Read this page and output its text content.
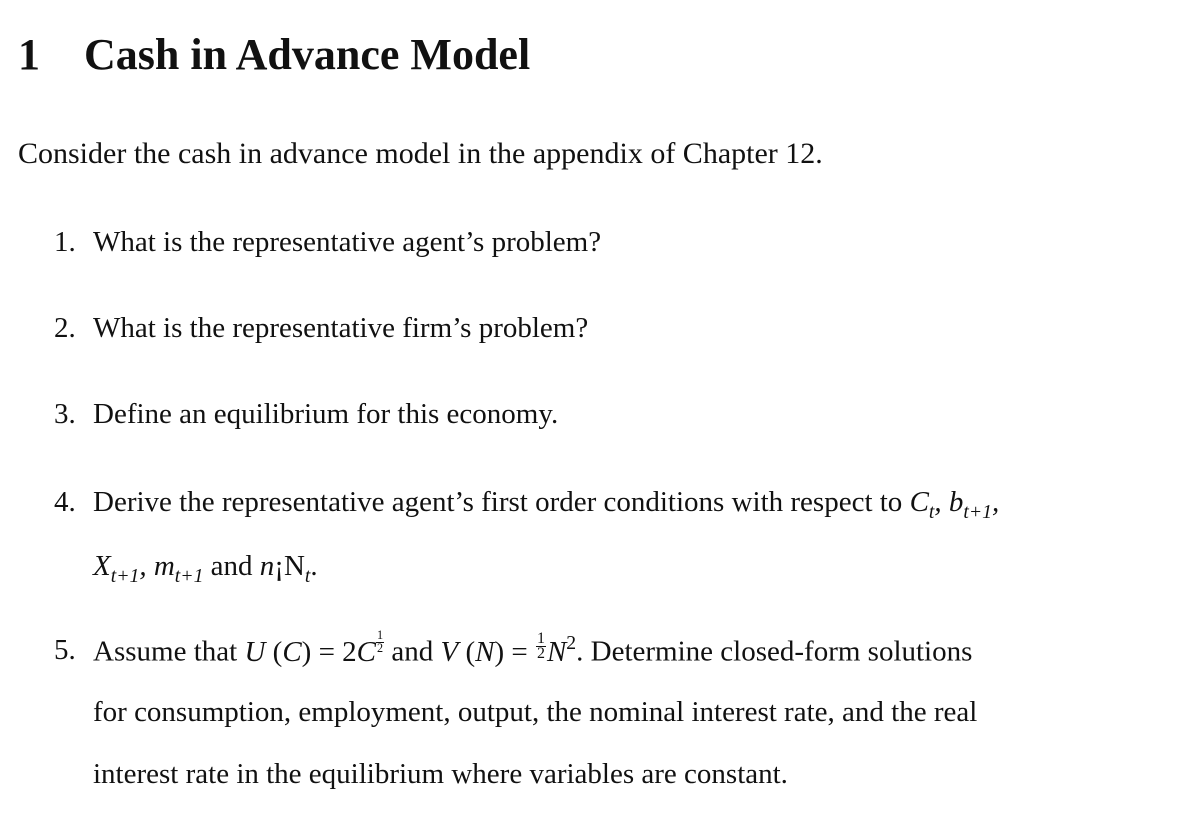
1 Cash in Advance Model

Consider the cash in advance model in the appendix of Chapter 12.

1. What is the representative agent’s problem?
2. What is the representative firm’s problem?
3. Define an equilibrium for this economy.
4. Derive the representative agent’s first order conditions with respect to $C_t$, $b_{t+1}$,
$X_{t+1}$, $m_{t+1}$ and $n¡N_t$.
5. Assume that U $(C) = 2C \frac{1}{2}$ and V $(N) = \frac{1}{2} N^2$. Determine closed-form solutions
for consumption, employment, output, the nominal interest rate, and the real
interest rate in the equilibrium where variables are constant.
